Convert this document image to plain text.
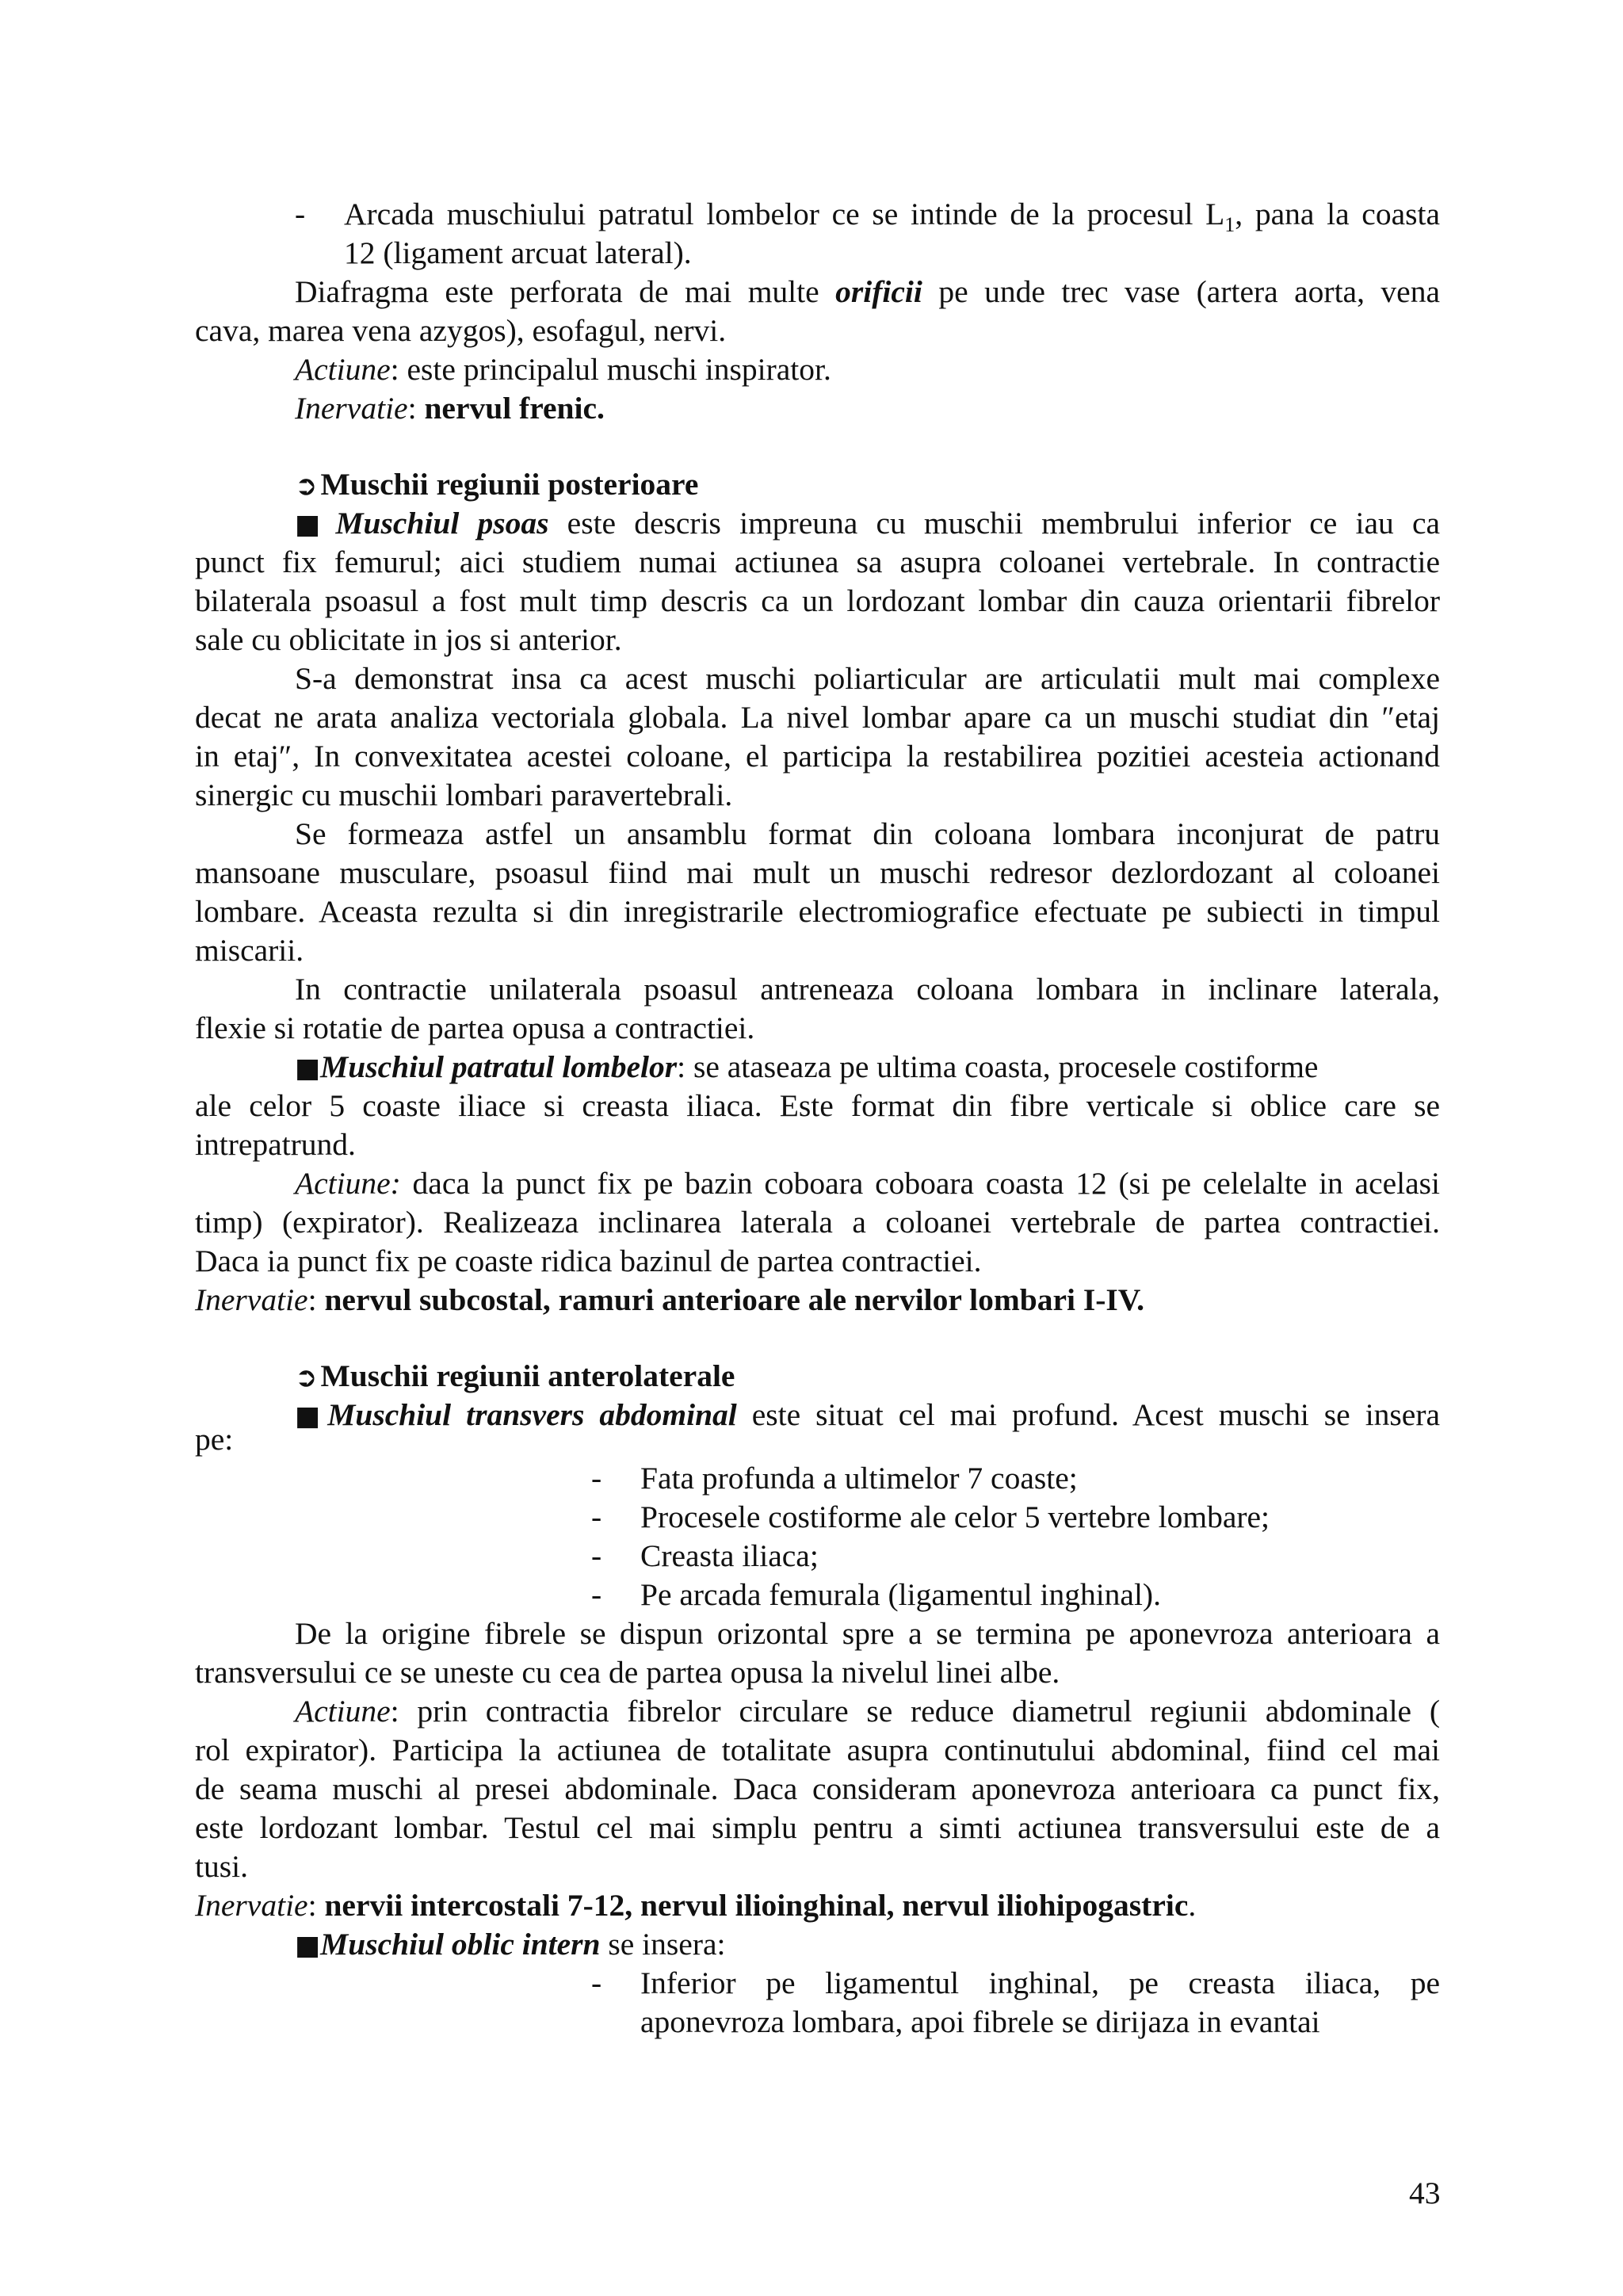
- Arcada muschiului patratul lombelor ce se intinde de la procesul $L_1$, pana la coasta
12 (ligament arcuat lateral).
Diafragma este perforata de mai multe orificii pe unde trec vase (artera aorta, vena
cava, marea vena azygos), esofagul, nervi.
Actiune: este principalul muschi inspirator.
Inervatie: nervul frenic.
➲ Muschii regiunii posterioare
■ Muschiul psoas este descris impreuna cu muschii membrului inferior ce iau ca
punct fix femurul; aici studiem numai actiunea sa asupra coloanei vertebrale. In contractie
bilaterala psoasul a fost mult timp descris ca un lordozant lombar din cauza orientarii fibrelor
sale cu oblicitate in jos si anterior.
S-a demonstrat insa ca acest muschi poliarticular are articulatii mult mai complexe
decat ne arata analiza vectoriala globala. La nivel lombar apare ca un muschi studiat din ″etaj
in etaj″, In convexitatea acestei coloane, el participa la restabilirea pozitiei acesteia actionand
sinergic cu muschii lombari paravertebrali.
Se formeaza astfel un ansamblu format din coloana lombara inconjurat de patru
mansoane musculare, psoasul fiind mai mult un muschi redresor dezlordozant al coloanei
lombare. Aceasta rezulta si din inregistrarile electromiografice efectuate pe subiecti in timpul
miscarii.
In contractie unilaterala psoasul antreneaza coloana lombara in inclinare laterala,
flexie si rotatie de partea opusa a contractiei.
■Muschiul patratul lombelor: se ataseaza pe ultima coasta, procesele costiforme
ale celor 5 coaste iliace si creasta iliaca. Este format din fibre verticale si oblice care se
intrepatrund.
Actiune: daca la punct fix pe bazin coboara coboara coasta 12 (si pe celelalte in acelasi
timp) (expirator). Realizeaza inclinarea laterala a coloanei vertebrale de partea contractiei.
Daca ia punct fix pe coaste ridica bazinul de partea contractiei.
Inervatie: nervul subcostal, ramuri anterioare ale nervilor lombari I-IV.
➲ Muschii regiunii anterolaterale
■Muschiul transvers abdominal este situat cel mai profund. Acest muschi se insera
pe:
- Fata profunda a ultimelor 7 coaste;
- Procesele costiforme ale celor 5 vertebre lombare;
- Creasta iliaca;
- Pe arcada femurala (ligamentul inghinal).
De la origine fibrele se dispun orizontal spre a se termina pe aponevroza anterioara a
transversului ce se uneste cu cea de partea opusa la nivelul linei albe.
Actiune: prin contractia fibrelor circulare se reduce diametrul regiunii abdominale (
rol expirator). Participa la actiunea de totalitate asupra continutului abdominal, fiind cel mai
de seama muschi al presei abdominale. Daca consideram aponevroza anterioara ca punct fix,
este lordozant lombar. Testul cel mai simplu pentru a simti actiunea transversului este de a
tusi.
Inervatie: nervii intercostali 7-12, nervul ilioinghinal, nervul iliohipogastric.
■Muschiul oblic intern se insera:
- Inferior pe ligamentul inghinal, pe creasta iliaca, pe
aponevroza lombara, apoi fibrele se dirijaza in evantai
43
